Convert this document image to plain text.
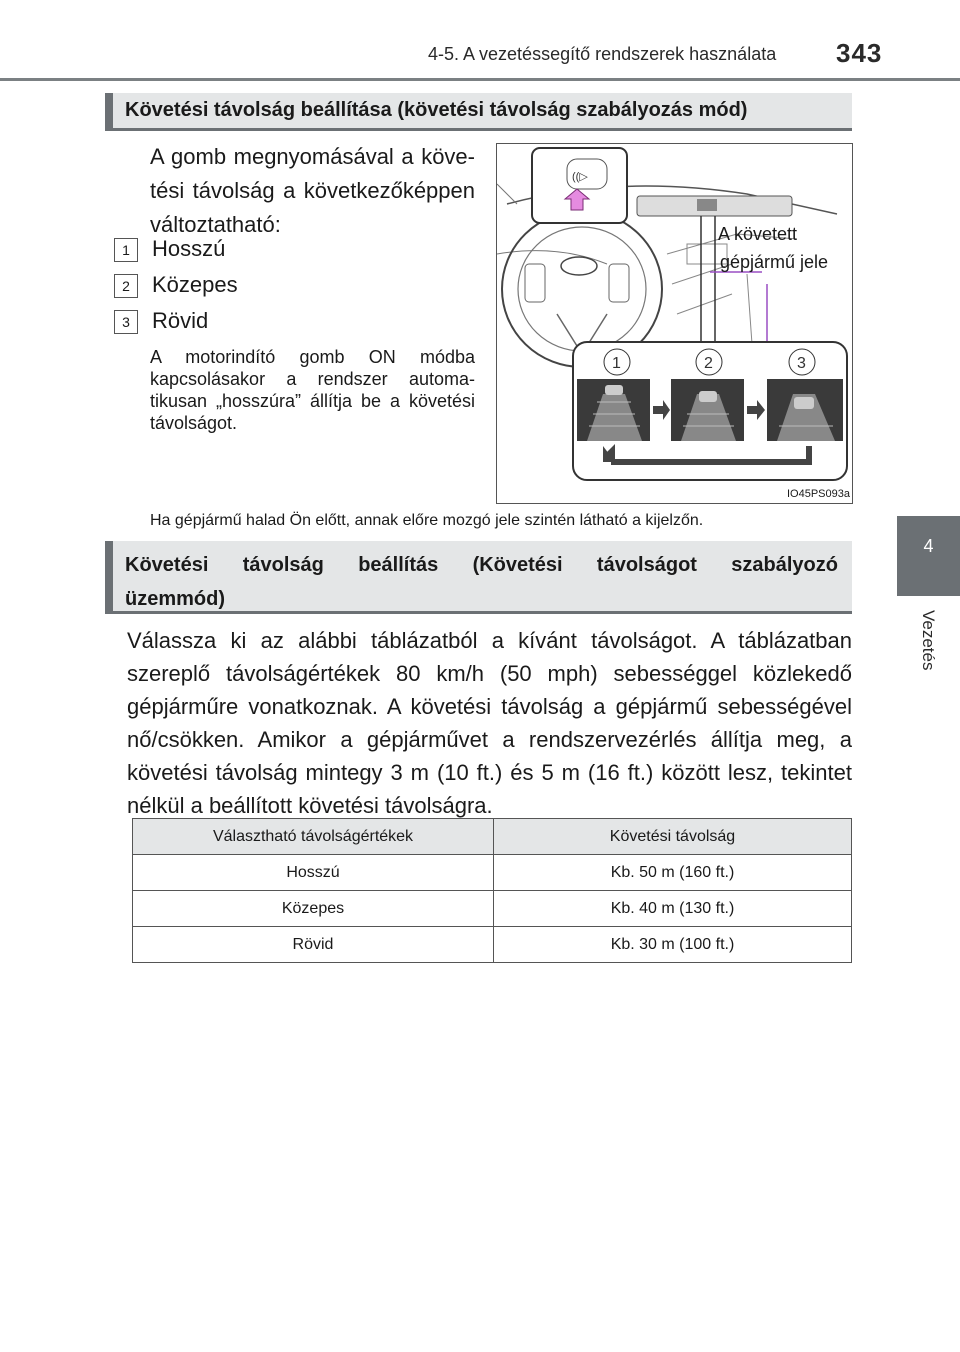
4-5. A vezetéssegítő rendszerek használata 343
4
Vezetés
Követési távolság beállítása (követési távolság szabályozás mód)
A gomb megnyomásával a követési távolság a következőképpen változtatható:
1 Hosszú
2 Közepes
3 Rövid
A motorindító gomb ON módba kapcsolásakor a rendszer automatikusan „hosszúra” állítja be a követési távolságot.
((▷
1	2	3
A követett
gépjármű jele
IO45PS093a
Ha gépjármű halad Ön előtt, annak előre mozgó jele szintén látható a kijelzőn.
Követési távolság beállítás (Követési távolságot szabályozó
üzemmód)
Válassza ki az alábbi táblázatból a kívánt távolságot. A táblázatban szereplő távolságértékek 80 km/h (50 mph) sebességgel közlekedő gépjárműre vonatkoznak. A követési távolság a gépjármű sebességével nő/csökken. Amikor a gépjárművet a rendszervezérlés állítja meg, a követési távolság mintegy 3 m (10 ft.) és 5 m (16 ft.) között lesz, tekintet nélkül a beállított követési távolságra.
Választható távolságértékek	Követési távolság
Hosszú	Kb. 50 m (160 ft.)
Közepes	Kb. 40 m (130 ft.)
Rövid	Kb. 30 m (100 ft.)
